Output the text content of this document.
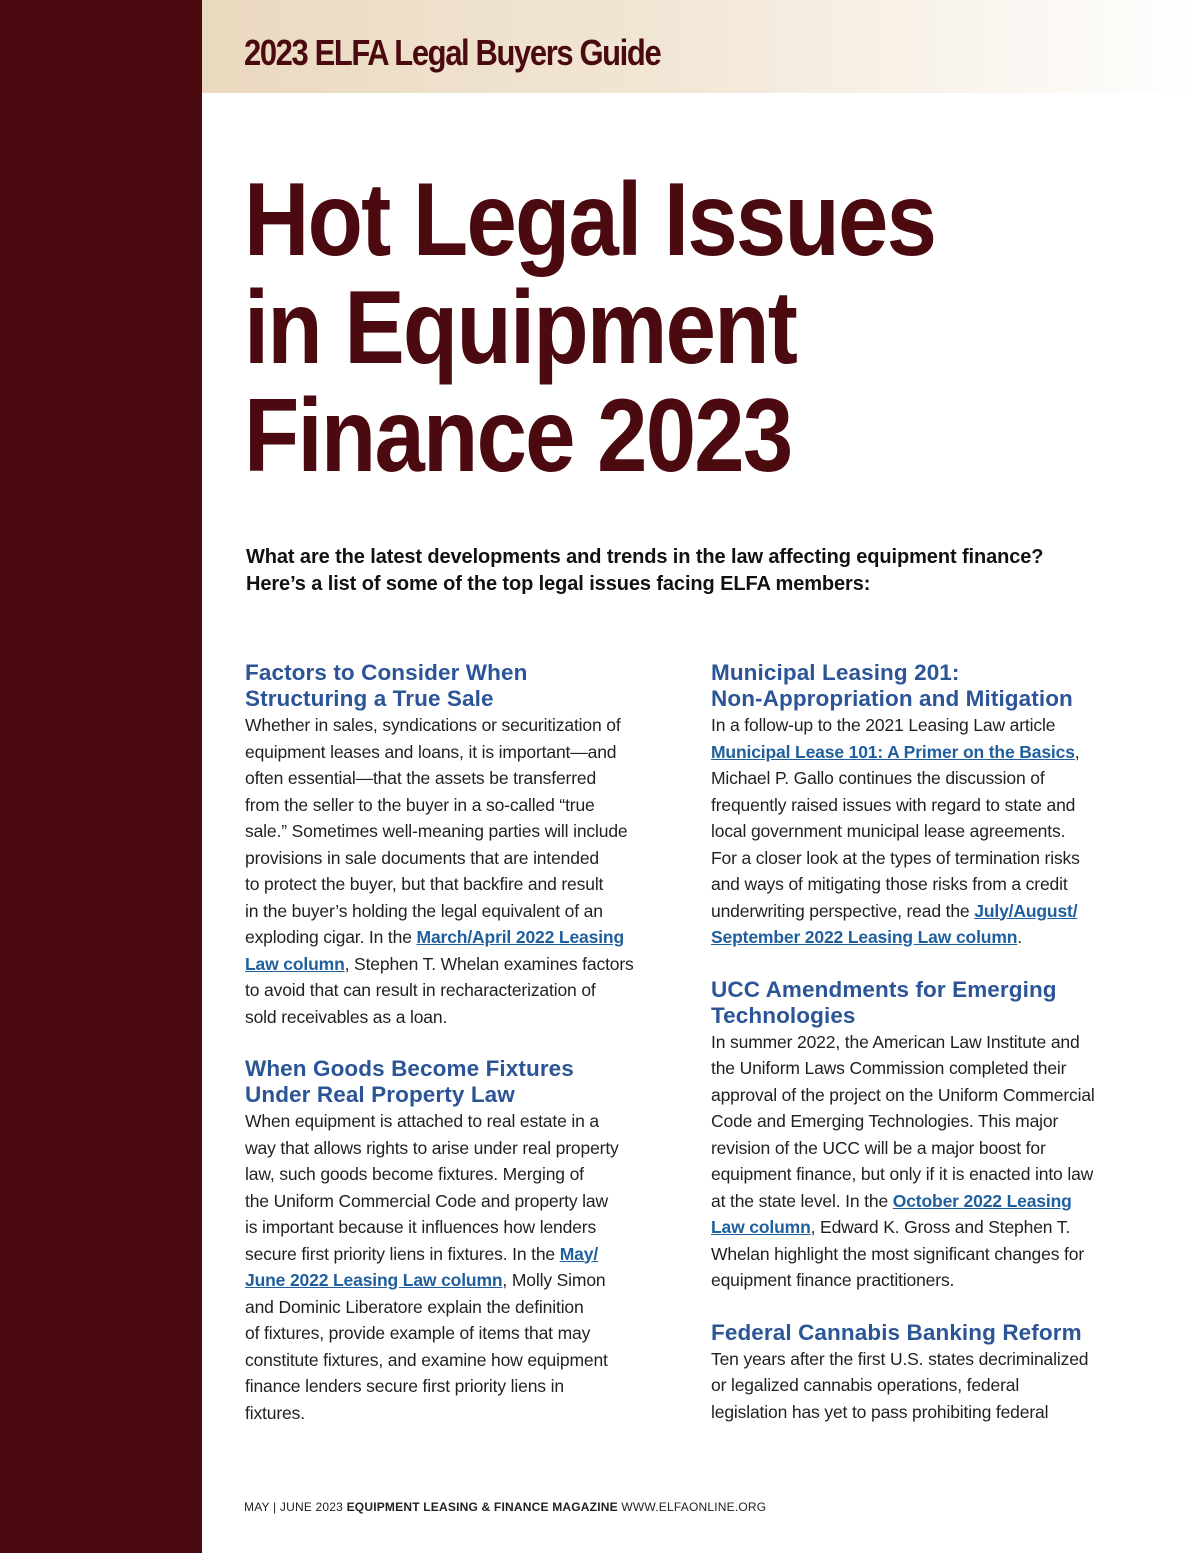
2023 ELFA Legal Buyers Guide
Hot Legal Issues
in Equipment
Finance 2023
What are the latest developments and trends in the law affecting equipment finance?
Here’s a list of some of the top legal issues facing ELFA members:
Factors to Consider When
Structuring a True Sale
Whether in sales, syndications or securitization of
equipment leases and loans, it is important—and
often essential—that the assets be transferred
from the seller to the buyer in a so-called “true
sale.” Sometimes well-meaning parties will include
provisions in sale documents that are intended
to protect the buyer, but that backfire and result
in the buyer’s holding the legal equivalent of an
exploding cigar. In the March/April 2022 Leasing
Law column, Stephen T. Whelan examines factors
to avoid that can result in recharacterization of
sold receivables as a loan.
When Goods Become Fixtures
Under Real Property Law
When equipment is attached to real estate in a
way that allows rights to arise under real property
law, such goods become fixtures. Merging of
the Uniform Commercial Code and property law
is important because it influences how lenders
secure first priority liens in fixtures. In the May/
June 2022 Leasing Law column, Molly Simon
and Dominic Liberatore explain the definition
of fixtures, provide example of items that may
constitute fixtures, and examine how equipment
finance lenders secure first priority liens in
fixtures.
Municipal Leasing 201:
Non-Appropriation and Mitigation
In a follow-up to the 2021 Leasing Law article
Municipal Lease 101: A Primer on the Basics,
Michael P. Gallo continues the discussion of
frequently raised issues with regard to state and
local government municipal lease agreements.
For a closer look at the types of termination risks
and ways of mitigating those risks from a credit
underwriting perspective, read the July/August/
September 2022 Leasing Law column.
UCC Amendments for Emerging
Technologies
In summer 2022, the American Law Institute and
the Uniform Laws Commission completed their
approval of the project on the Uniform Commercial
Code and Emerging Technologies. This major
revision of the UCC will be a major boost for
equipment finance, but only if it is enacted into law
at the state level. In the October 2022 Leasing
Law column, Edward K. Gross and Stephen T.
Whelan highlight the most significant changes for
equipment finance practitioners.
Federal Cannabis Banking Reform
Ten years after the first U.S. states decriminalized
or legalized cannabis operations, federal
legislation has yet to pass prohibiting federal
MAY | JUNE 2023 EQUIPMENT LEASING & FINANCE MAGAZINE WWW.ELFAONLINE.ORG
